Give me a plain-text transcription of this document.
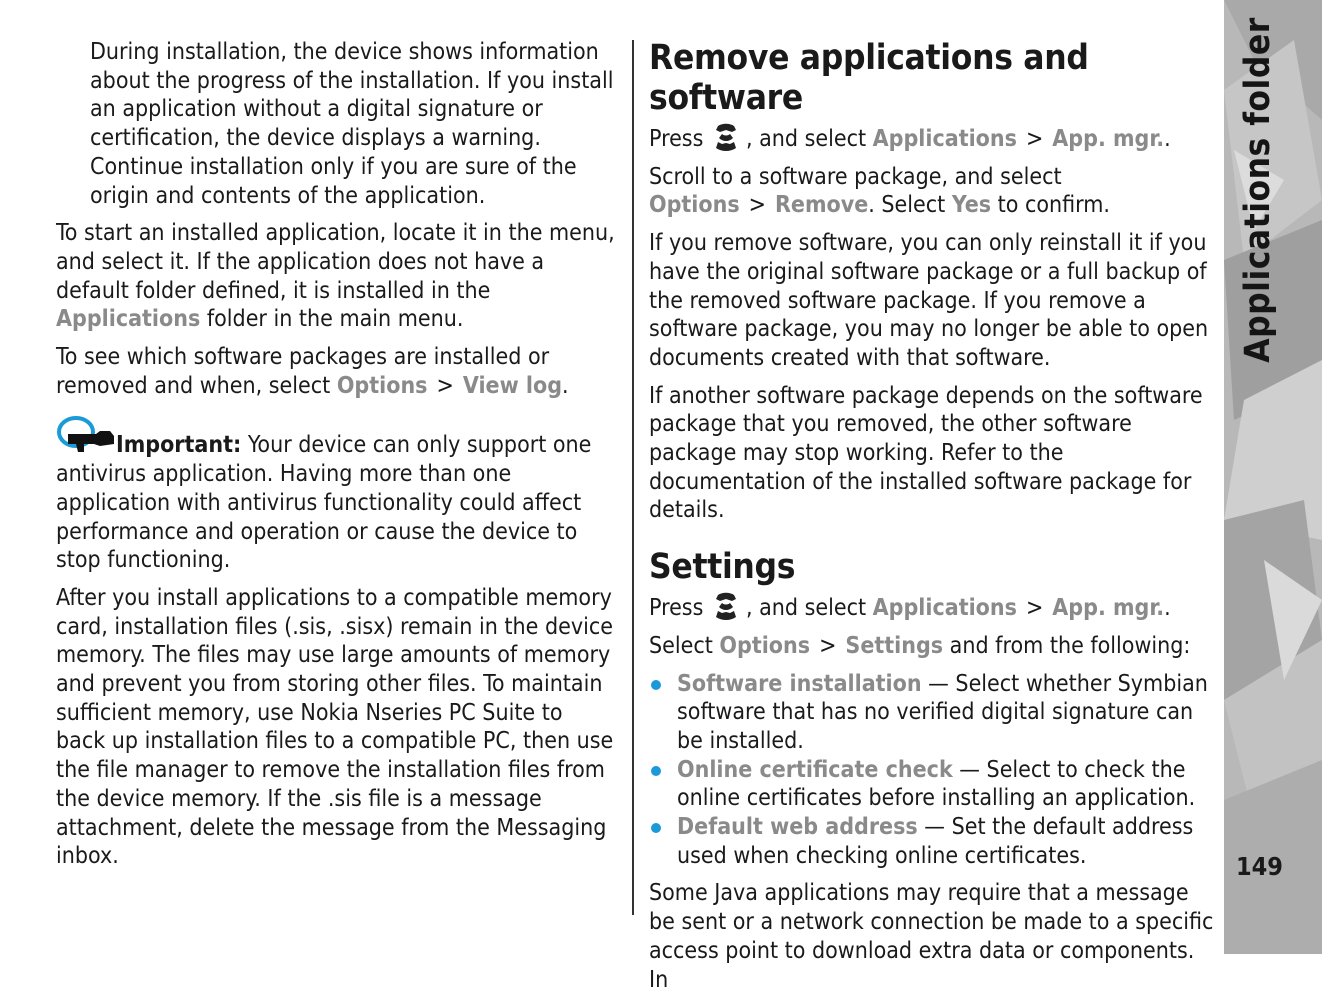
During installation, the device shows information about the progress of the installation. If you install an application without a digital signature or certification, the device displays a warning. Continue installation only if you are sure of the origin and contents of the application.

To start an installed application, locate it in the menu, and select it. If the application does not have a default folder defined, it is installed in the Applications folder in the main menu.

To see which software packages are installed or removed and when, select Options > View log.

Important: Your device can only support one antivirus application. Having more than one application with antivirus functionality could affect performance and operation or cause the device to stop functioning.

After you install applications to a compatible memory card, installation files (.sis, .sisx) remain in the device memory. The files may use large amounts of memory and prevent you from storing other files. To maintain sufficient memory, use Nokia Nseries PC Suite to back up installation files to a compatible PC, then use the file manager to remove the installation files from the device memory. If the .sis file is a message attachment, delete the message from the Messaging inbox.

Remove applications and software

Press , and select Applications > App. mgr..

Scroll to a software package, and select Options > Remove. Select Yes to confirm.

If you remove software, you can only reinstall it if you have the original software package or a full backup of the removed software package. If you remove a software package, you may no longer be able to open documents created with that software.

If another software package depends on the software package that you removed, the other software package may stop working. Refer to the documentation of the installed software package for details.

Settings

Press , and select Applications > App. mgr..

Select Options > Settings and from the following:

Software installation — Select whether Symbian software that has no verified digital signature can be installed.
Online certificate check — Select to check the online certificates before installing an application.
Default web address — Set the default address used when checking online certificates.

Some Java applications may require that a message be sent or a network connection be made to a specific access point to download extra data or components. In

Applications folder
149
